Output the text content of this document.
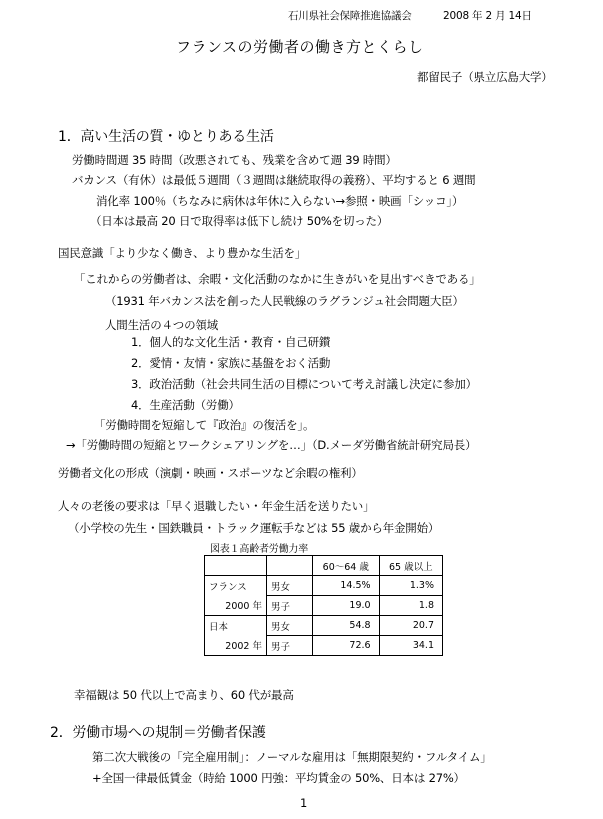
石川県社会保障推進協議会	2008 年 2 月 14日
フランスの労働者の働き方とくらし
都留民子（県立広島大学）
1．高い生活の質・ゆとりある生活
労働時間週 35 時間（改悪されても、残業を含めて週 39 時間）
バカンス（有休）は最低５週間（３週間は継続取得の義務）、平均すると 6 週間
消化率 100％（ちなみに病休は年休に入らない→参照・映画「シッコ」）
（日本は最高 20 日で取得率は低下し続け 50%を切った）
国民意識「より少なく働き、より豊かな生活を」
「これからの労働者は、余暇・文化活動のなかに生きがいを見出すべきである」
（1931 年バカンス法を創った人民戦線のラグランジュ社会問題大臣）
人間生活の４つの領域
1．個人的な文化生活・教育・自己研鑚
2．愛情・友情・家族に基盤をおく活動
3．政治活動（社会共同生活の目標について考え討議し決定に参加）
4．生産活動（労働）
「労働時間を短縮して『政治』の復活を」。
→「労働時間の短縮とワークシェアリングを…」（D.メーダ労働省統計研究局長）
労働者文化の形成（演劇・映画・スポーツなど余暇の権利）
人々の老後の要求は「早く退職したい・年金生活を送りたい」
（小学校の先生・国鉄職員・トラック運転手などは 55 歳から年金開始）
図表１高齢者労働力率
		60～64 歳	65 歳以上
フランス	男女	14.5%	1.3%
2000 年	男子	19.0	1.8
日本	男女	54.8	20.7
2002 年	男子	72.6	34.1
幸福観は 50 代以上で高まり、60 代が最高
2．労働市場への規制＝労働者保護
第二次大戦後の「完全雇用制」：ノーマルな雇用は「無期限契約・フルタイム」
+全国一律最低賃金（時給 1000 円強：平均賃金の 50%、日本は 27%）
1
